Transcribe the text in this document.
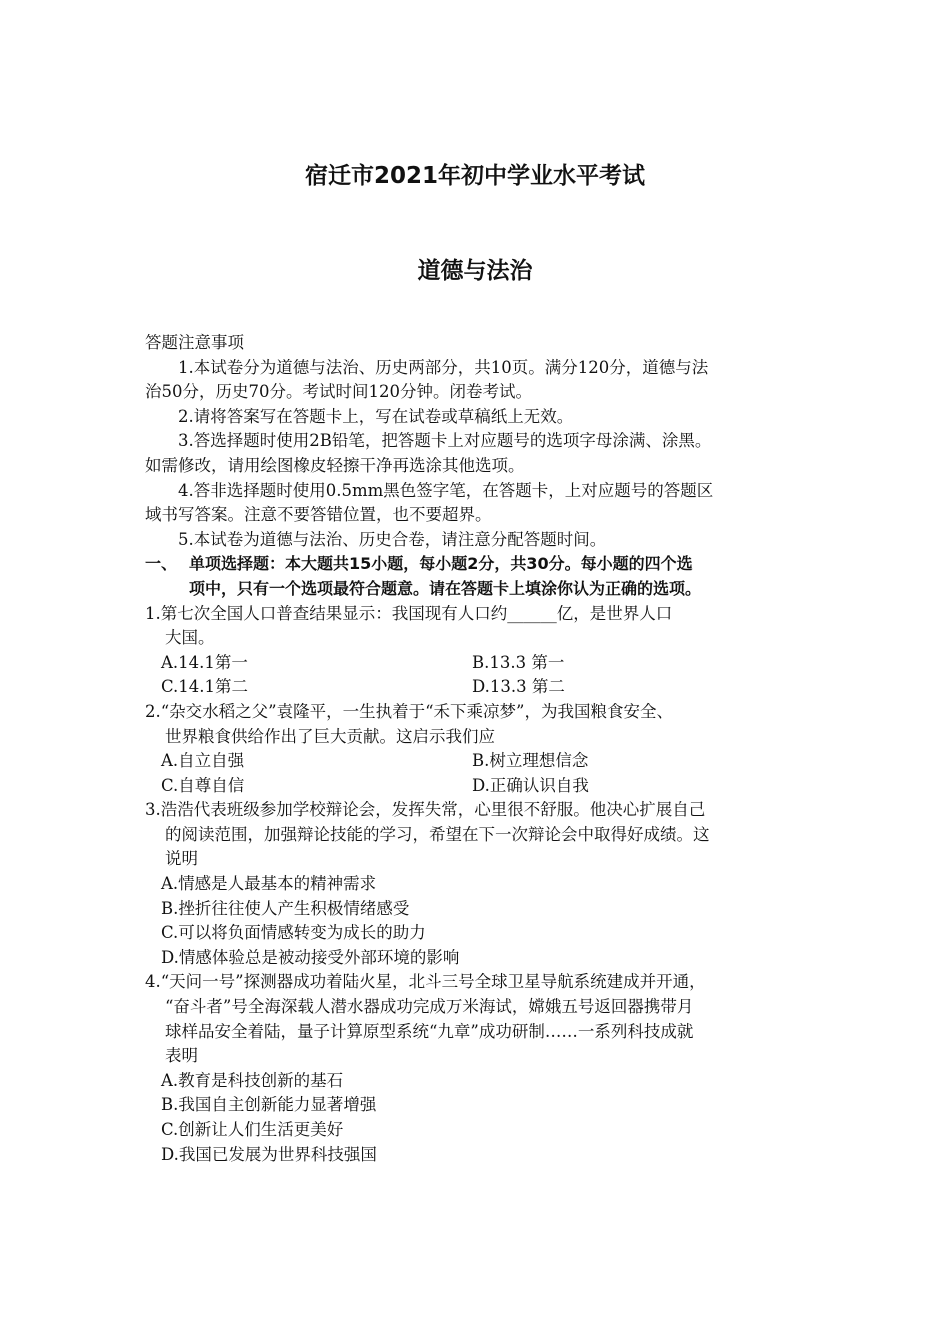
宿迁市2021年初中学业水平考试
道德与法治
答题注意事项
1.本试卷分为道德与法治、历史两部分，共10页。满分120分，道德与法
治50分，历史70分。考试时间120分钟。闭卷考试。
2.请将答案写在答题卡上，写在试卷或草稿纸上无效。
3.答选择题时使用2B铅笔，把答题卡上对应题号的选项字母涂满、涂黑。
如需修改，请用绘图橡皮轻擦干净再选涂其他选项。
4.答非选择题时使用0.5mm黑色签字笔，在答题卡，上对应题号的答题区
域书写答案。注意不要答错位置，也不要超界。
5.本试卷为道德与法治、历史合卷，请注意分配答题时间。
一、 单项选择题：本大题共15小题，每小题2分，共30分。每小题的四个选
项中，只有一个选项最符合题意。请在答题卡上填涂你认为正确的选项。
1.第七次全国人口普查结果显示：我国现有人口约______亿，是世界人口
大国。
A.14.1第一	B.13.3 第一
C.14.1第二	D.13.3 第二
2.“杂交水稻之父”袁隆平，一生执着于“禾下乘凉梦”，为我国粮食安全、
世界粮食供给作出了巨大贡献。这启示我们应
A.自立自强	B.树立理想信念
C.自尊自信	D.正确认识自我
3.浩浩代表班级参加学校辩论会，发挥失常，心里很不舒服。他决心扩展自己
的阅读范围，加强辩论技能的学习，希望在下一次辩论会中取得好成绩。这
说明
A.情感是人最基本的精神需求
B.挫折往往使人产生积极情绪感受
C.可以将负面情感转变为成长的助力
D.情感体验总是被动接受外部环境的影响
4.“天问一号”探测器成功着陆火星，北斗三号全球卫星导航系统建成并开通，
“奋斗者”号全海深载人潜水器成功完成万米海试，嫦娥五号返回器携带月
球样品安全着陆，量子计算原型系统“九章”成功研制……一系列科技成就
表明
A.教育是科技创新的基石
B.我国自主创新能力显著增强
C.创新让人们生活更美好
D.我国已发展为世界科技强国
